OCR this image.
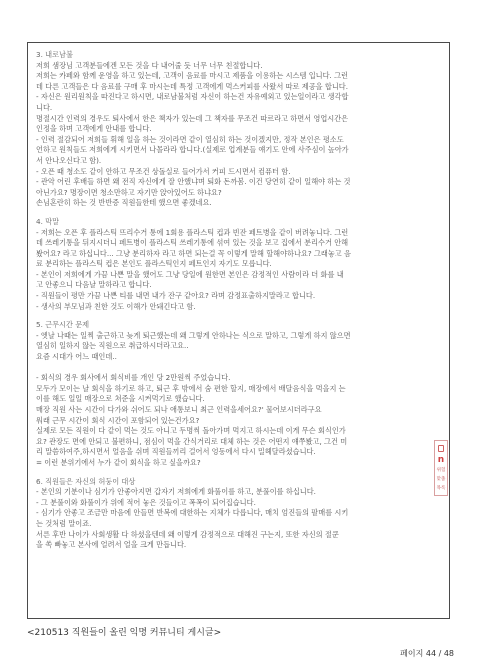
3. 내로남불

저희 샘장님 고객분들에겐 모든 것을 다 내어줄 듯 너무 너무 친절합니다.

저희는 카페와 함께 운영을 하고 있는데, 고객이 음료를 마시고 제품을 이용하는 시스템 입니다. 그런

데 다른 고객들은 다 음료를 구매 후 마시는데 특정 고객에게 먹스커피를 사왔서 따로 제공을 합니다.

- 자신은 원리원칙을 따진다고 하시면, 내로남불처럼 자신이 하는건 자유예외고 있는일이라고 생각합

니다.

명절시간 인력의 경우도 퇴사에서 한은 책자가 있는데 그 책자를 무조건 따르라고 하면서 영업시간은

인정을 하며 고객에게 안내를 합니다.

- 인력 절감되어 저희들 휘해 일을 하는 것이라면 같이 열심히 하는 것이겠지만, 정작 본인은 평소도

언하고 원칙들도 저희에게 시키면서 나몰라라 합니다.(실제로 업계분들 얘기도 안에 사주심이 높아가

서 안나오신다고 함).

- 오픈 때 청소도 같이 안하고 무조건 상돌실로 들어가서 커피 드시면서 컴퓨터 함.

- 관악 어린 후배들 하면 왜 전직 자신에게 잘 안했냐며 퇴화 돈까봄. 이건 당연히 같이 일해야 하는 것

아닌가요? 명장이면 청소만하고 자기만 앉아있어도 하냐요?

손님혼란히 하는 것 반반증 직원들한테 했으면 좋겠네요.

4. 막말

- 저희는 오픈 후 플라스틱 뜨리수거 통에 1회용 플라스틱 컵과 빈잔 페트병을 같이 버려놓니다. 그런

데 쓰레기통을 뒤지시더니 페트병이 플라스틱 쓰레기통에 섞여 있는 것을 보고 집에서 분리수거 안해

봤어요? 라고 하십니다... 그냥 분리하자 라고 하면 되는걸 꼭 이렇게 말해 할해야하나요? 그래놓고 음

료 분리하는 플라스틱 컵은 본인도 플라스틱인지 페트인지 자기도 모릅니다.

- 본인이 저희에게 가끔 나쁜 말을 했어도 그냥 당일에 원한면 본인은 감정적인 사람이라 더 화를 내

고 안좋으니 다음날 말하라고 합니다.

- 직원들이 평만 가끔 나쁜 티를 내면 내가 잔구 같아요? 라며 감정표출하지말라고 합니다.

- 생사의 부모님과 친한 것도 이해가 안돼긴다고 함.

5. 근무시간 문제

- 엣날 나때는 일찍 출근하고 늦게 퇴근했는데 왜 그렇게 안하나는 식으로 말하고, 그렇게 하지 않으면

열심히 일하지 않는 직원으로 취급하시더라고요..

요즘 시대가 어느 때인데..

- 회식의 경우 회사에서 회식비를 개인 당 2만원씩 주었습니다.

모두가 모이는 날 회식을 하기로 하고, 퇴근 후 밖에서 숨 편한 할지, 매장에서 배달음식을 먹을지 는

이를 해도 일일 매장으로 쳐준을 시켜먹기로 했습니다.

매장 직원 사는 시간이 다가와 쉬어도 되나 애통보니 최근 인력을세어요?' 물어보시더라구요

워래 근무 시간이 회식 시간이 포함되어 있는건가요?

실제로 모든 직원이 다 같이 먹는 것도 아니고 두명씩 돌아가며 먹지고 하시는데 이게 무슨 회식인가

요? 관장도 면에 안되고 불편하니, 점심이 먹을 간식거리로 대체 하는 것은 어떤지 얘쭈봤고, 그건 미

리 말씀하여주,하시면서 얼음을 쉬며 직원들끼리 걸어서 엉동에서 다시 밀헤달라셨습니다.

= 이런 분위기에서 누가 같이 회식을 하고 싶을까요?

6. 직원들은 자신의 허둥이 대상

- 본인의 기분이나 심기가 안좋아지면 갑자기 저희에게 화풀이를 하고, 분풀이를 하십니다.

- 그 분풀이와 화풀이가 위에 적어 놓은 것들이고 폭폭이 되어집습니다.

- 심기가 안좋고 조금만 마음에 안들면 반복에 대한하는 지체가 다릅니다, 매치 엄진들의 팔매를 시키

는 것처럼 말이죠.

서른 후반 나이가 사회생활 다 하셨을텐데 왜 이렇게 감정적으로 대해진 구는지, 또한 자신의 절쿤

을 쏙 빠놓고 본사에 얼려서 얼을 크게 만듭니다.

n
위험
맞춤
목록
<210513 직원들이 올린 익명 커뮤니티 게시글>
페이지 44 / 48
